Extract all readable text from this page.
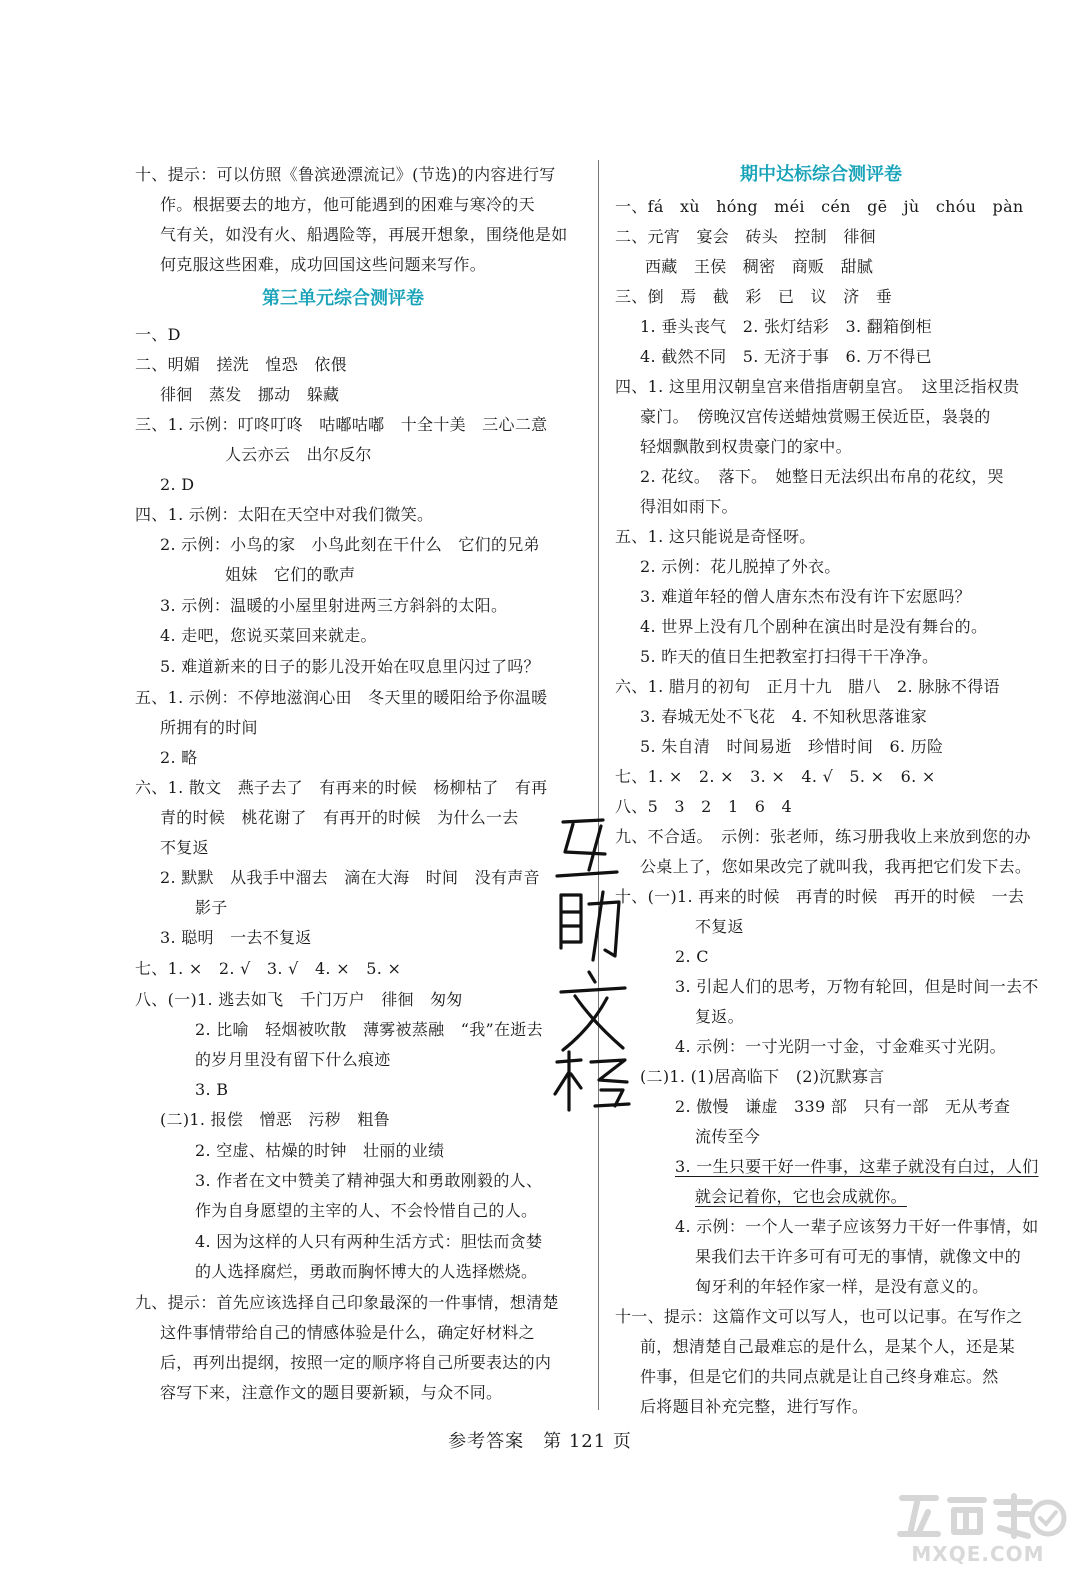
十、提示：可以仿照《鲁滨逊漂流记》(节选)的内容进行写
作。根据要去的地方，他可能遇到的困难与寒冷的天
气有关，如没有火、船遇险等，再展开想象，围绕他是如
何克服这些困难，成功回国这些问题来写作。
第三单元综合测评卷
一、D
二、明媚　搓洗　惶恐　依偎
徘徊　蒸发　挪动　躲藏
三、1. 示例：叮咚叮咚　咕嘟咕嘟　十全十美　三心二意
人云亦云　出尔反尔
2. D
四、1. 示例：太阳在天空中对我们微笑。
2. 示例：小鸟的家　小鸟此刻在干什么　它们的兄弟
姐妹　它们的歌声
3. 示例：温暖的小屋里射进两三方斜斜的太阳。
4. 走吧，您说买菜回来就走。
5. 难道新来的日子的影儿没开始在叹息里闪过了吗？
五、1. 示例：不停地滋润心田　冬天里的暖阳给予你温暖
所拥有的时间
2. 略
六、1. 散文　燕子去了　有再来的时候　杨柳枯了　有再
青的时候　桃花谢了　有再开的时候　为什么一去
不复返
2. 默默　从我手中溜去　滴在大海　时间　没有声音
影子
3. 聪明　一去不复返
七、1. ×　2. √　3. √　4. ×　5. ×
八、(一)1. 逃去如飞　千门万户　徘徊　匆匆
2. 比喻　轻烟被吹散　薄雾被蒸融　“我”在逝去
的岁月里没有留下什么痕迹
3. B
(二)1. 报偿　憎恶　污秽　粗鲁
2. 空虚、枯燥的时钟　壮丽的业绩
3. 作者在文中赞美了精神强大和勇敢刚毅的人、
作为自身愿望的主宰的人、不会怜惜自己的人。
4. 因为这样的人只有两种生活方式：胆怯而贪婪
的人选择腐烂，勇敢而胸怀博大的人选择燃烧。
九、提示：首先应该选择自己印象最深的一件事情，想清楚
这件事情带给自己的情感体验是什么，确定好材料之
后，再列出提纲，按照一定的顺序将自己所要表达的内
容写下来，注意作文的题目要新颖，与众不同。
期中达标综合测评卷
一、fá　xù　hóng　méi　cén　gē　jù　chóu　pàn
二、元宵　宴会　砖头　控制　徘徊
西藏　王侯　稠密　商贩　甜腻
三、倒　焉　截　彩　已　议　济　垂
1. 垂头丧气　2. 张灯结彩　3. 翻箱倒柜
4. 截然不同　5. 无济于事　6. 万不得已
四、1. 这里用汉朝皇宫来借指唐朝皇宫。　这里泛指权贵
豪门。　傍晚汉宫传送蜡烛赏赐王侯近臣，袅袅的
轻烟飘散到权贵豪门的家中。
2. 花纹。　落下。　她整日无法织出布帛的花纹，哭
得泪如雨下。
五、1. 这只能说是奇怪呀。
2. 示例：花儿脱掉了外衣。
3. 难道年轻的僧人唐东杰布没有许下宏愿吗？
4. 世界上没有几个剧种在演出时是没有舞台的。
5. 昨天的值日生把教室打扫得干干净净。
六、1. 腊月的初旬　正月十九　腊八　2. 脉脉不得语
3. 春城无处不飞花　4. 不知秋思落谁家
5. 朱自清　时间易逝　珍惜时间　6. 历险
七、1. ×　2. ×　3. ×　4. √　5. ×　6. ×
八、5　3　2　1　6　4
九、不合适。　示例：张老师，练习册我收上来放到您的办
公桌上了，您如果改完了就叫我，我再把它们发下去。
十、(一)1. 再来的时候　再青的时候　再开的时候　一去
不复返
2. C
3. 引起人们的思考，万物有轮回，但是时间一去不
复返。
4. 示例：一寸光阴一寸金，寸金难买寸光阴。
(二)1. (1)居高临下　(2)沉默寡言
2. 傲慢　谦虚　339 部　只有一部　无从考查
流传至今
3. 一生只要干好一件事，这辈子就没有白过，人们
就会记着你，它也会成就你。
4. 示例：一个人一辈子应该努力干好一件事情，如
果我们去干许多可有可无的事情，就像文中的
匈牙利的年轻作家一样，是没有意义的。
十一、提示：这篇作文可以写人，也可以记事。在写作之
前，想清楚自己最难忘的是什么，是某个人，还是某
件事，但是它们的共同点就是让自己终身难忘。然
后将题目补充完整，进行写作。
参考答案　第 121 页
MXQE.COM
